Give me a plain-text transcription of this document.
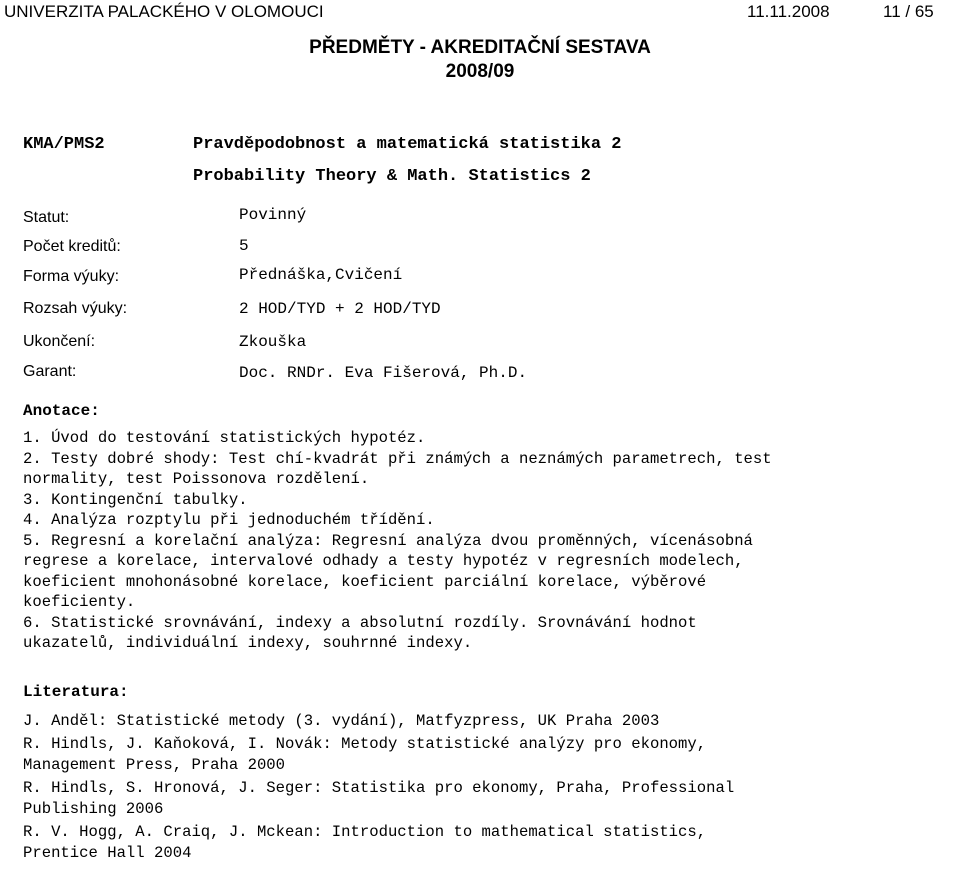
UNIVERZITA PALACKÉHO V OLOMOUCI	11.11.2008	11 / 65
PŘEDMĚTY - AKREDITAČNÍ SESTAVA
2008/09
KMA/PMS2	Pravděpodobnost a matematická statistika 2
Probability Theory & Math. Statistics 2
Statut:	Povinný
Počet kreditů:	5
Forma výuky:	Přednáška,Cvičení
Rozsah výuky:	2 HOD/TYD + 2 HOD/TYD
Ukončení:	Zkouška
Garant:	Doc. RNDr. Eva Fišerová, Ph.D.
Anotace:
1. Úvod do testování statistických hypotéz.
2. Testy dobré shody: Test chí-kvadrát při známých a neznámých parametrech, test
normality, test Poissonova rozdělení.
3. Kontingenční tabulky.
4. Analýza rozptylu při jednoduchém třídění.
5. Regresní a korelační analýza: Regresní analýza dvou proměnných, vícenásobná
regrese a korelace, intervalové odhady a testy hypotéz v regresních modelech,
koeficient mnohonásobné korelace, koeficient parciální korelace, výběrové
koeficienty.
6. Statistické srovnávání, indexy a absolutní rozdíly. Srovnávání hodnot
ukazatelů, individuální indexy, souhrnné indexy.
Literatura:
J. Anděl: Statistické metody (3. vydání), Matfyzpress, UK Praha 2003
R. Hindls, J. Kaňoková, I. Novák: Metody statistické analýzy pro ekonomy,
Management Press, Praha 2000
R. Hindls, S. Hronová, J. Seger: Statistika pro ekonomy, Praha, Professional
Publishing 2006
R. V. Hogg, A. Craiq, J. Mckean: Introduction to mathematical statistics,
Prentice Hall 2004
